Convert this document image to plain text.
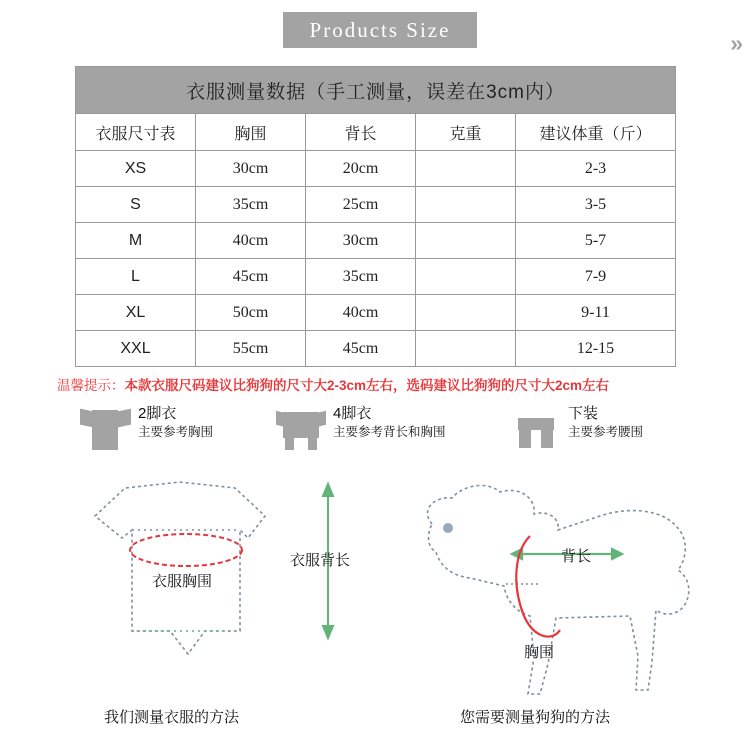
Products Size
»
衣服测量数据（手工测量，误差在3cm内）				
衣服尺寸表	胸围	背长	克重	建议体重（斤）
XS	30cm	20cm		2-3
S	35cm	25cm		3-5
M	40cm	30cm		5-7
L	45cm	35cm		7-9
XL	50cm	40cm		9-11
XXL	55cm	45cm		12-15
温馨提示：本款衣服尺码建议比狗狗的尺寸大2-3cm左右，选码建议比狗狗的尺寸大2cm左右
2脚衣
主要参考胸围
4脚衣
主要参考背长和胸围
下装
主要参考腰围
衣服胸围
衣服背长	背长
胸围
我们测量衣服的方法	您需要测量狗狗的方法
